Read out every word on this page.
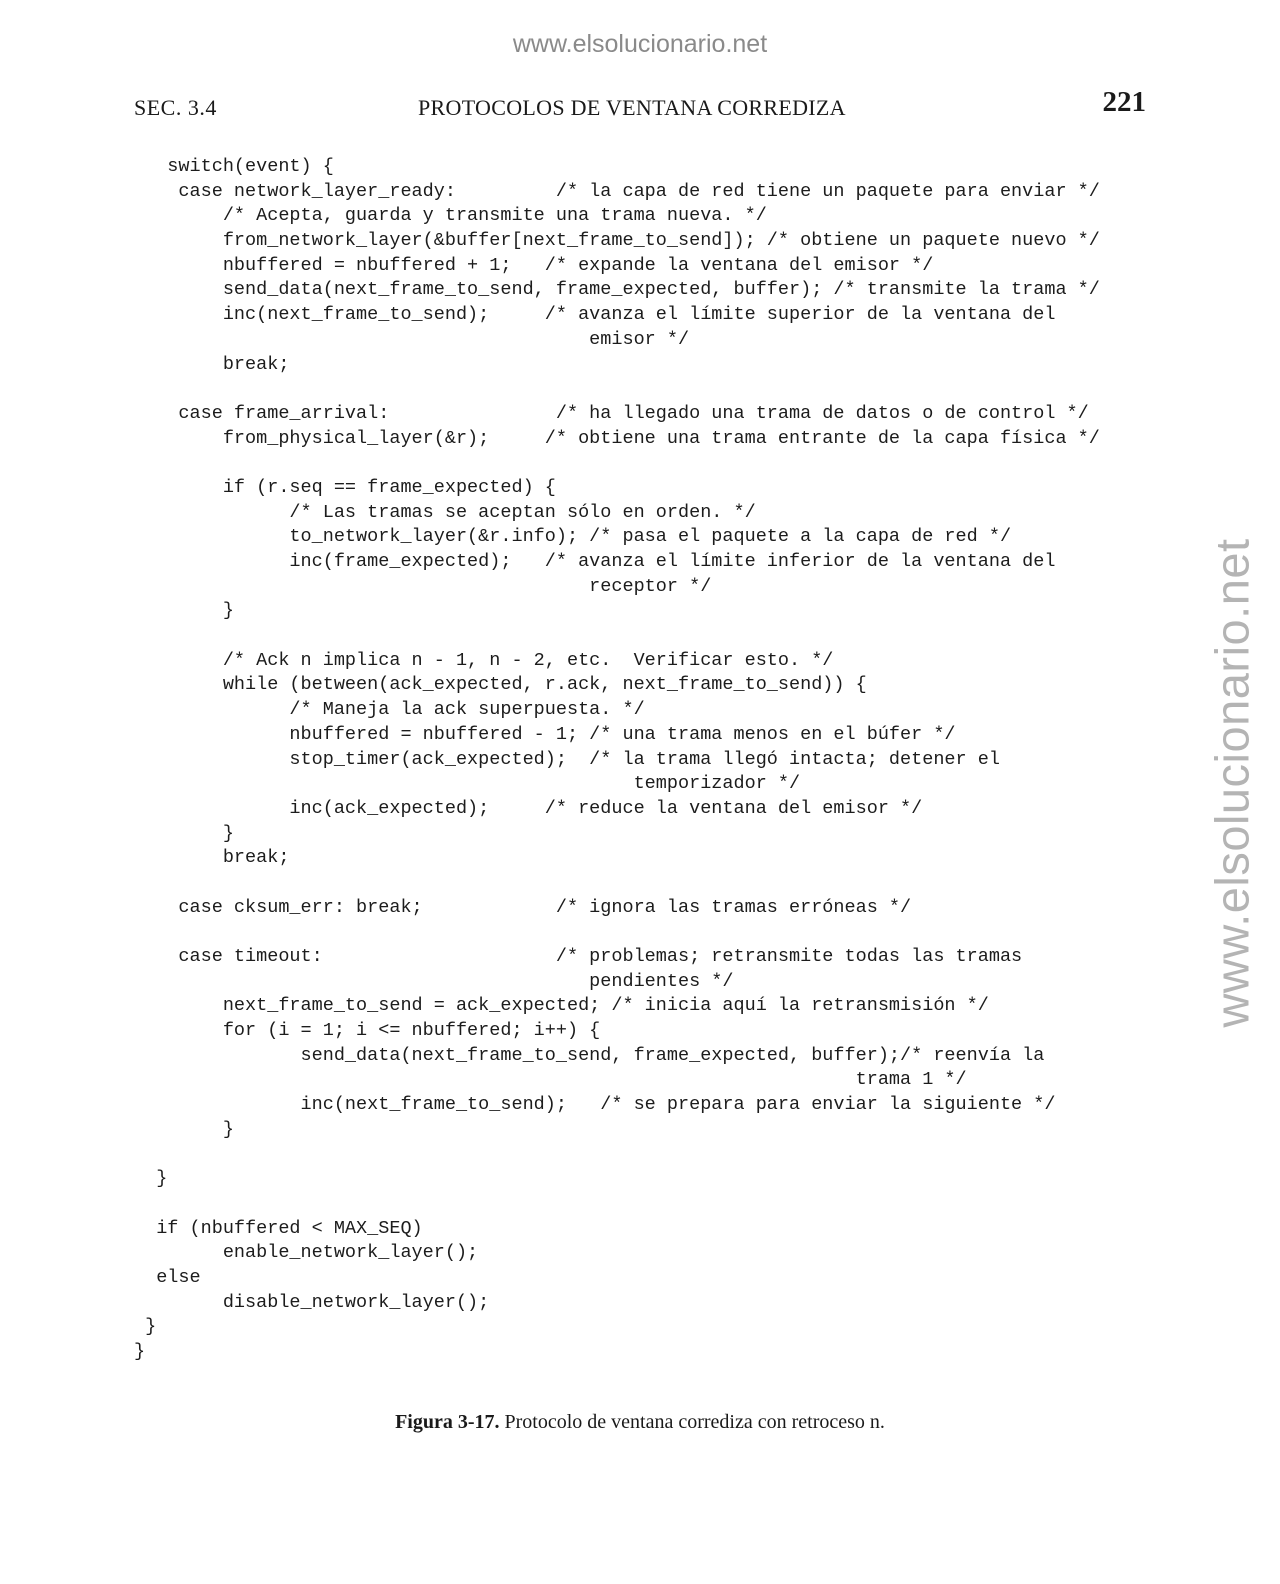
www.elsolucionario.net
www.elsolucionario.net
SEC. 3.4	PROTOCOLOS DE VENTANA CORREDIZA	221
switch(event) {
case network_layer_ready:         /* la capa de red tiene un paquete para enviar */
/* Acepta, guarda y transmite una trama nueva. */
from_network_layer(&buffer[next_frame_to_send]); /* obtiene un paquete nuevo */
nbuffered = nbuffered + 1;   /* expande la ventana del emisor */
send_data(next_frame_to_send, frame_expected, buffer); /* transmite la trama */
inc(next_frame_to_send);     /* avanza el límite superior de la ventana del
emisor */
break;
case frame_arrival:               /* ha llegado una trama de datos o de control */
from_physical_layer(&r);     /* obtiene una trama entrante de la capa física */
if (r.seq == frame_expected) {
/* Las tramas se aceptan sólo en orden. */
to_network_layer(&r.info); /* pasa el paquete a la capa de red */
inc(frame_expected);   /* avanza el límite inferior de la ventana del
receptor */
}
/* Ack n implica n - 1, n - 2, etc.  Verificar esto. */
while (between(ack_expected, r.ack, next_frame_to_send)) {
/* Maneja la ack superpuesta. */
nbuffered = nbuffered - 1; /* una trama menos en el búfer */
stop_timer(ack_expected);  /* la trama llegó intacta; detener el
temporizador */
inc(ack_expected);     /* reduce la ventana del emisor */
}
break;
case cksum_err: break;            /* ignora las tramas erróneas */
case timeout:                     /* problemas; retransmite todas las tramas
pendientes */
next_frame_to_send = ack_expected; /* inicia aquí la retransmisión */
for (i = 1; i <= nbuffered; i++) {
send_data(next_frame_to_send, frame_expected, buffer);/* reenvía la
trama 1 */
inc(next_frame_to_send);   /* se prepara para enviar la siguiente */
}
}
if (nbuffered < MAX_SEQ)
enable_network_layer();
else
disable_network_layer();
}
}
Figura 3-17. Protocolo de ventana corrediza con retroceso n.
